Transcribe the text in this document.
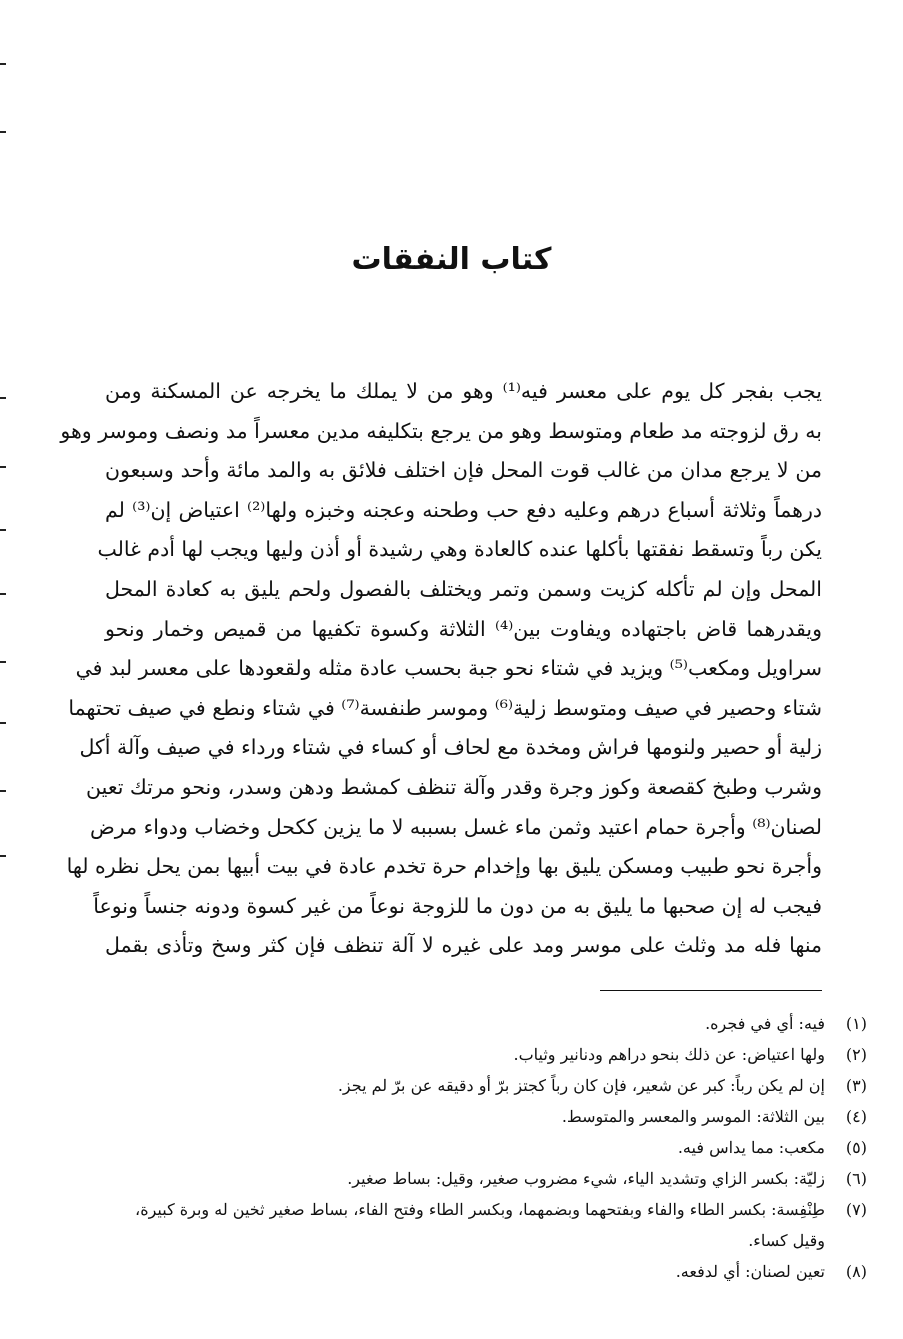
كتاب النفقات
يجب بفجر كل يوم على معسر فيه⁽¹⁾ وهو من لا يملك ما يخرجه عن المسكنة ومن
به رق لزوجته مد طعام ومتوسط وهو من يرجع بتكليفه مدين معسراً مد ونصف وموسر وهو
من لا يرجع مدان من غالب قوت المحل فإن اختلف فلائق به والمد مائة وأحد وسبعون
درهماً وثلاثة أسباع درهم وعليه دفع حب وطحنه وعجنه وخبزه ولها⁽²⁾ اعتياض إن⁽³⁾ لم
يكن رباً وتسقط نفقتها بأكلها عنده كالعادة وهي رشيدة أو أذن وليها ويجب لها أدم غالب
المحل وإن لم تأكله كزيت وسمن وتمر ويختلف بالفصول ولحم يليق به كعادة المحل
ويقدرهما قاض باجتهاده ويفاوت بين⁽⁴⁾ الثلاثة وكسوة تكفيها من قميص وخمار ونحو
سراويل ومكعب⁽⁵⁾ ويزيد في شتاء نحو جبة بحسب عادة مثله ولقعودها على معسر لبد في
شتاء وحصير في صيف ومتوسط زلية⁽⁶⁾ وموسر طنفسة⁽⁷⁾ في شتاء ونطع في صيف تحتهما
زلية أو حصير ولنومها فراش ومخدة مع لحاف أو كساء في شتاء ورداء في صيف وآلة أكل
وشرب وطبخ كقصعة وكوز وجرة وقدر وآلة تنظف كمشط ودهن وسدر، ونحو مرتك تعين
لصنان⁽⁸⁾ وأجرة حمام اعتيد وثمن ماء غسل بسببه لا ما يزين ككحل وخضاب ودواء مرض
وأجرة نحو طبيب ومسكن يليق بها وإخدام حرة تخدم عادة في بيت أبيها بمن يحل نظره لها
فيجب له إن صحبها ما يليق به من دون ما للزوجة نوعاً من غير كسوة ودونه جنساً ونوعاً
منها فله مد وثلث على موسر ومد على غيره لا آلة تنظف فإن كثر وسخ وتأذى بقمل
(١)
فيه: أي في فجره.
(٢)
ولها اعتياض: عن ذلك بنحو دراهم ودنانير وثياب.
(٣)
إن لم يكن رباً: كبر عن شعير، فإن كان رباً كجتز برّ أو دقيقه عن برّ لم يجز.
(٤)
بين الثلاثة: الموسر والمعسر والمتوسط.
(٥)
مكعب: مما يداس فيه.
(٦)
زليّة: بكسر الزاي وتشديد الياء، شيء مضروب صغير، وقيل: بساط صغير.
(٧)
طِنْفِسة: بكسر الطاء والفاء وبفتحهما وبضمهما، وبكسر الطاء وفتح الفاء، بساط صغير ثخين له وبرة كبيرة، وقيل كساء.
(٨)
تعين لصنان: أي لدفعه.
